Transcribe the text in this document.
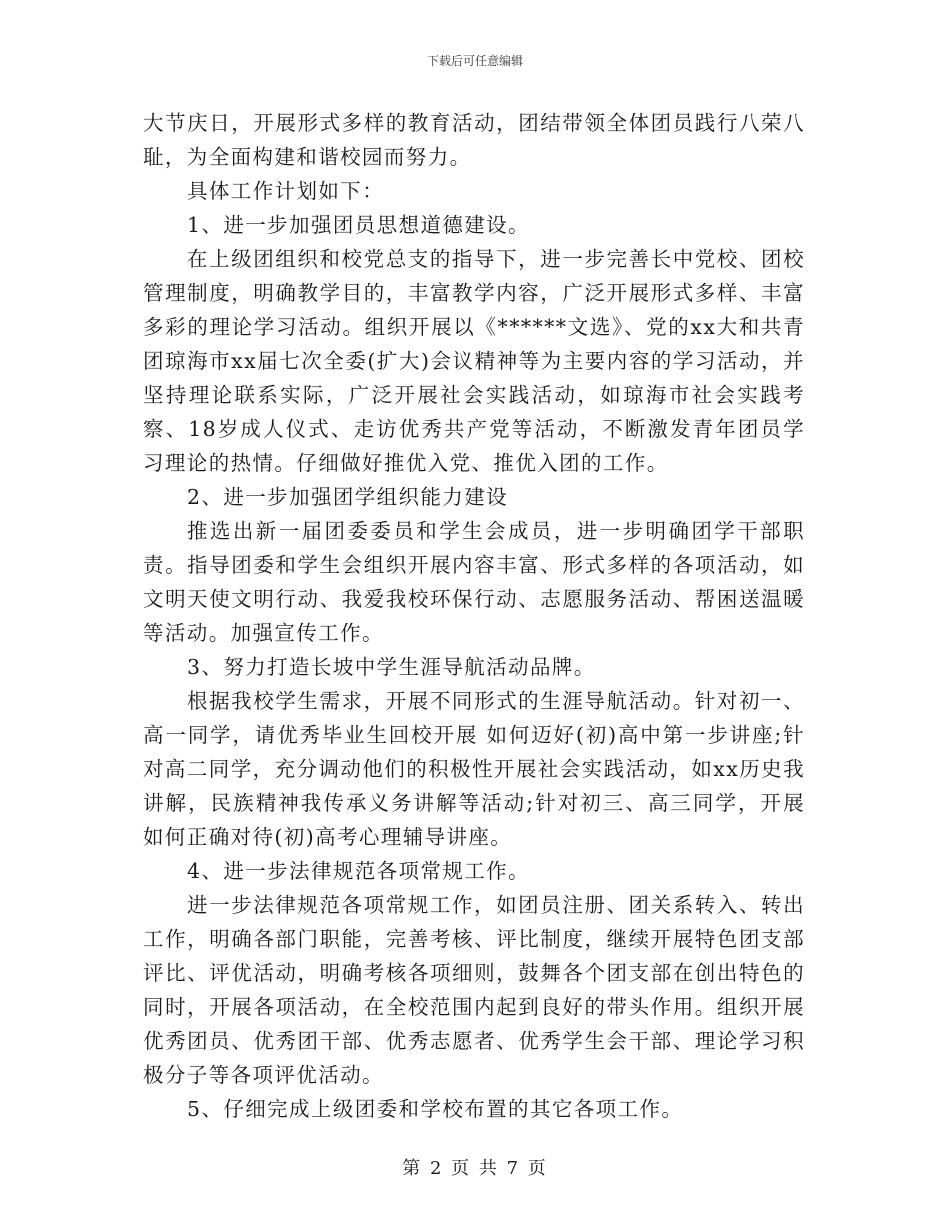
下载后可任意编辑

大节庆日，开展形式多样的教育活动，团结带领全体团员践行八荣八耻，为全面构建和谐校园而努力。

具体工作计划如下：

1、进一步加强团员思想道德建设。

在上级团组织和校党总支的指导下，进一步完善长中党校、团校管理制度，明确教学目的，丰富教学内容，广泛开展形式多样、丰富多彩的理论学习活动。组织开展以《******文选》、党的xx大和共青团琼海市xx届七次全委(扩大)会议精神等为主要内容的学习活动，并坚持理论联系实际，广泛开展社会实践活动，如琼海市社会实践考察、18岁成人仪式、走访优秀共产党等活动，不断激发青年团员学习理论的热情。仔细做好推优入党、推优入团的工作。

2、进一步加强团学组织能力建设

推选出新一届团委委员和学生会成员，进一步明确团学干部职责。指导团委和学生会组织开展内容丰富、形式多样的各项活动，如文明天使文明行动、我爱我校环保行动、志愿服务活动、帮困送温暖等活动。加强宣传工作。

3、努力打造长坡中学生涯导航活动品牌。

根据我校学生需求，开展不同形式的生涯导航活动。针对初一、高一同学，请优秀毕业生回校开展 如何迈好(初)高中第一步讲座;针对高二同学，充分调动他们的积极性开展社会实践活动，如xx历史我讲解，民族精神我传承义务讲解等活动;针对初三、高三同学，开展如何正确对待(初)高考心理辅导讲座。

4、进一步法律规范各项常规工作。

进一步法律规范各项常规工作，如团员注册、团关系转入、转出工作，明确各部门职能，完善考核、评比制度，继续开展特色团支部评比、评优活动，明确考核各项细则，鼓舞各个团支部在创出特色的同时，开展各项活动，在全校范围内起到良好的带头作用。组织开展优秀团员、优秀团干部、优秀志愿者、优秀学生会干部、理论学习积极分子等各项评优活动。

5、仔细完成上级团委和学校布置的其它各项工作。

第 2 页 共 7 页
